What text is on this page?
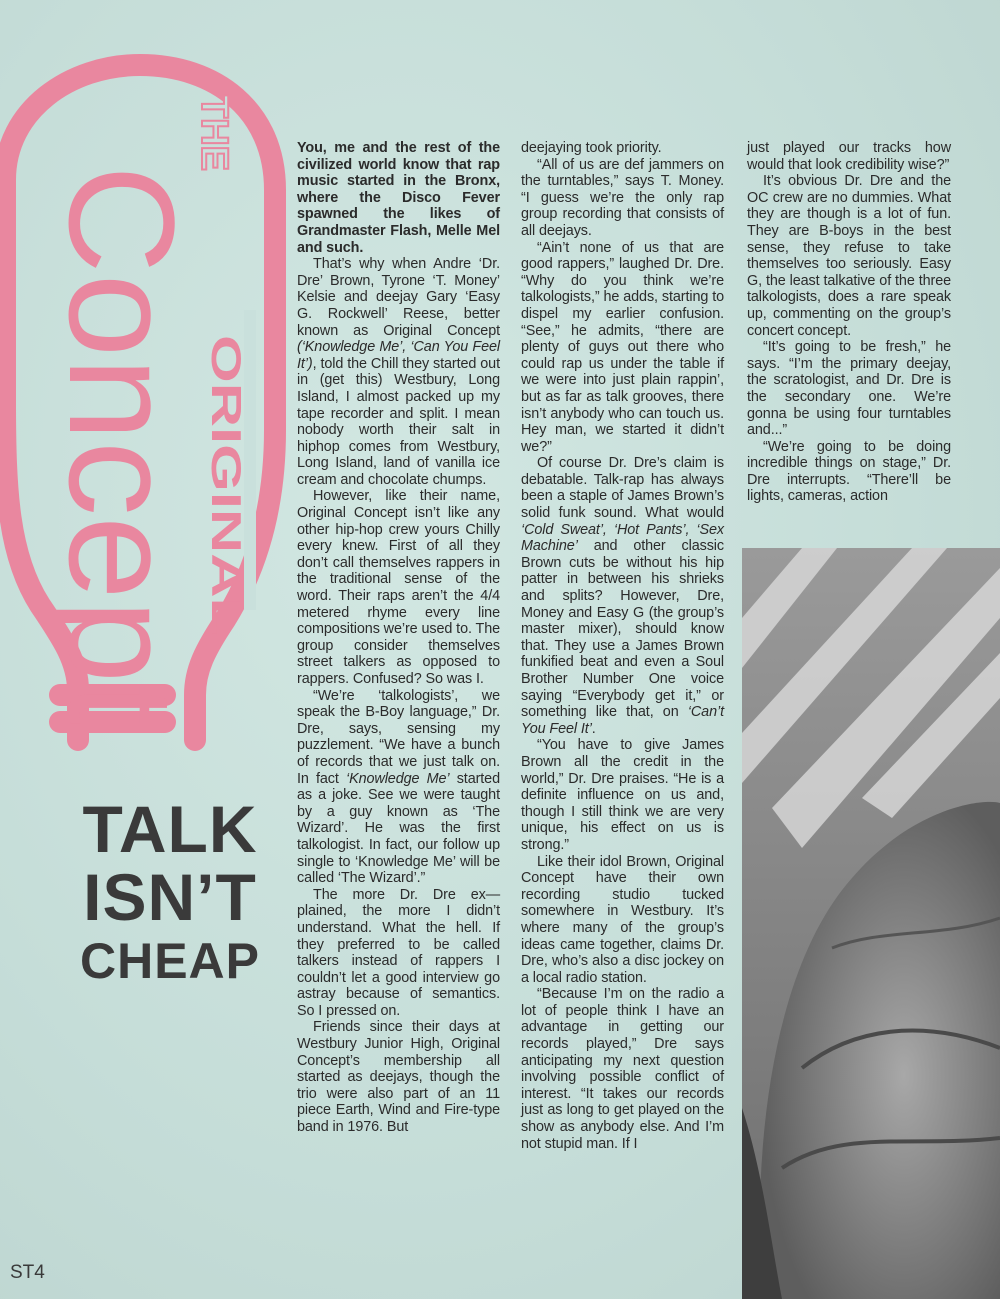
THE
Concept
ORIGINAL
TALK
ISN’T
CHEAP

You, me and the rest of the civilized world know that rap music started in the Bronx, where the Disco Fever spawned the likes of Grandmaster Flash, Melle Mel and such.

That’s why when Andre ‘Dr. Dre’ Brown, Tyrone ‘T. Money’ Kelsie and deejay Gary ‘Easy G. Rockwell’ Reese, better known as Original Concept (‘Knowledge Me’, ‘Can You Feel It’), told the Chill they started out in (get this) Westbury, Long Island, I almost packed up my tape recorder and split. I mean nobody worth their salt in hiphop comes from Westbury, Long Island, land of vanilla ice cream and chocolate chumps.

However, like their name, Original Concept isn’t like any other hip-hop crew yours Chilly every knew. First of all they don’t call themselves rappers in the traditional sense of the word. Their raps aren’t the 4/4 metered rhyme every line compositions we’re used to. The group consider themselves street talkers as opposed to rappers. Confused? So was I.

“We’re ‘talkologists’, we speak the B-Boy language,” Dr. Dre, says, sensing my puzzlement. “We have a bunch of records that we just talk on. In fact ‘Knowledge Me’ started as a joke. See we were taught by a guy known as ‘The Wizard’. He was the first talkologist. In fact, our follow up single to ‘Knowledge Me’ will be called ‘The Wizard’.”

The more Dr. Dre ex—plained, the more I didn’t understand. What the hell. If they preferred to be called talkers instead of rappers I couldn’t let a good interview go astray because of semantics. So I pressed on.

Friends since their days at Westbury Junior High, Original Concept’s membership all started as deejays, though the trio were also part of an 11 piece Earth, Wind and Fire-type band in 1976. But

deejaying took priority.

“All of us are def jammers on the turntables,” says T. Money. “I guess we’re the only rap group recording that consists of all deejays.

“Ain’t none of us that are good rappers,” laughed Dr. Dre. “Why do you think we’re talkologists,” he adds, starting to dispel my earlier confusion. “See,” he admits, “there are plenty of guys out there who could rap us under the table if we were into just plain rappin’, but as far as talk grooves, there isn’t anybody who can touch us. Hey man, we started it didn’t we?”

Of course Dr. Dre’s claim is debatable. Talk-rap has always been a staple of James Brown’s solid funk sound. What would ‘Cold Sweat’, ‘Hot Pants’, ‘Sex Machine’ and other classic Brown cuts be without his hip patter in between his shrieks and splits? However, Dre, Money and Easy G (the group’s master mixer), should know that. They use a James Brown funkified beat and even a Soul Brother Number One voice saying “Everybody get it,” or something like that, on ‘Can’t You Feel It’.

“You have to give James Brown all the credit in the world,” Dr. Dre praises. “He is a definite influence on us and, though I still think we are very unique, his effect on us is strong.”

Like their idol Brown, Original Concept have their own recording studio tucked somewhere in Westbury. It’s where many of the group’s ideas came together, claims Dr. Dre, who’s also a disc jockey on a local radio station.

“Because I’m on the radio a lot of people think I have an advantage in getting our records played,” Dre says anticipating my next question involving possible conflict of interest. “It takes our records just as long to get played on the show as anybody else. And I’m not stupid man. If I

just played our tracks how would that look credibility wise?”

It’s obvious Dr. Dre and the OC crew are no dummies. What they are though is a lot of fun. They are B-boys in the best sense, they refuse to take themselves too seriously. Easy G, the least talkative of the three talkologists, does a rare speak up, commenting on the group’s concert concept.

“It’s going to be fresh,” he says. “I’m the primary deejay, the scratologist, and Dr. Dre is the secondary one. We’re gonna be using four turntables and...”

“We’re going to be doing incredible things on stage,” Dr. Dre interrupts. “There’ll be lights, cameras, action

ST4
